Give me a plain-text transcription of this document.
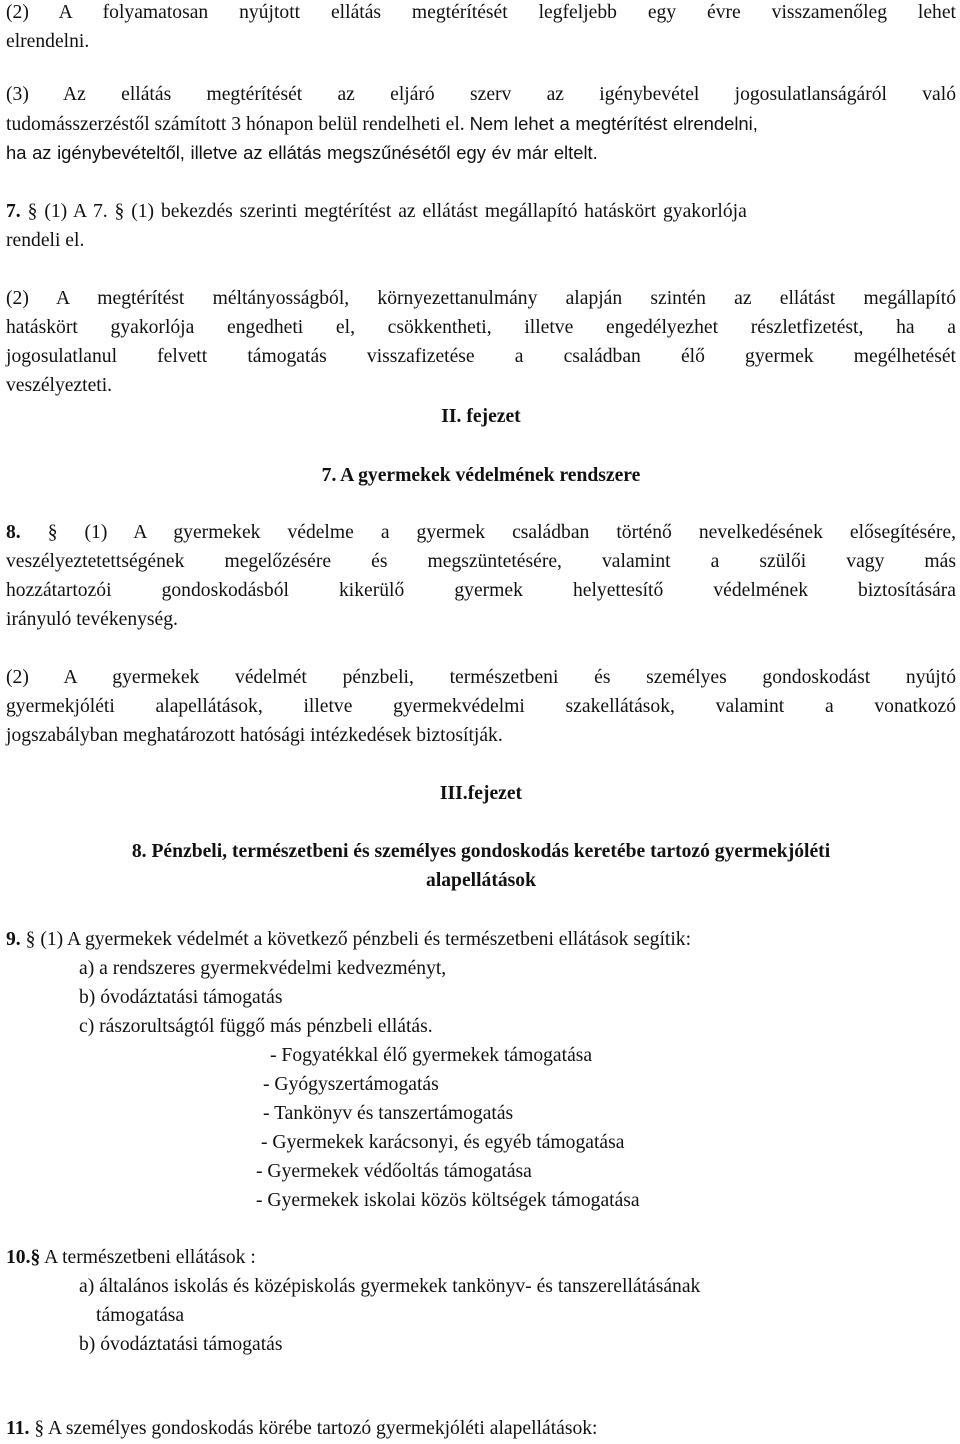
(2) A folyamatosan nyújtott ellátás megtérítését legfeljebb egy évre visszamenőleg lehet
elrendelni.
(3) Az ellátás megtérítését az eljáró szerv az igénybevétel jogosulatlanságáról való
tudomásszerzéstől számított 3 hónapon belül rendelheti el. Nem lehet a megtérítést elrendelni,
ha az igénybevételtől, illetve az ellátás megszűnésétől egy év már eltelt.
7. § (1) A 7. § (1) bekezdés szerinti megtérítést az ellátást megállapító hatáskört gyakorlója
rendeli el.
(2) A megtérítést méltányosságból, környezettanulmány alapján szintén az ellátást megállapító
hatáskört gyakorlója engedheti el, csökkentheti, illetve engedélyezhet részletfizetést, ha a
jogosulatlanul felvett támogatás visszafizetése a családban élő gyermek megélhetését
veszélyezteti.
II. fejezet
7. A gyermekek védelmének rendszere
8. § (1) A gyermekek védelme a gyermek családban történő nevelkedésének elősegítésére,
veszélyeztetettségének megelőzésére és megszüntetésére, valamint a szülői vagy más
hozzátartozói gondoskodásból kikerülő gyermek helyettesítő védelmének biztosítására
irányuló tevékenység.
(2) A gyermekek védelmét pénzbeli, természetbeni és személyes gondoskodást nyújtó
gyermekjóléti alapellátások, illetve gyermekvédelmi szakellátások, valamint a vonatkozó
jogszabályban meghatározott hatósági intézkedések biztosítják.
III.fejezet
8. Pénzbeli, természetbeni és személyes gondoskodás keretébe tartozó gyermekjóléti
alapellátások
9. § (1) A gyermekek védelmét a következő pénzbeli és természetbeni ellátások segítik:
a) a rendszeres gyermekvédelmi kedvezményt,
b) óvodáztatási támogatás
c) rászorultságtól függő más pénzbeli ellátás.
- Fogyatékkal élő gyermekek támogatása
- Gyógyszertámogatás
- Tankönyv és tanszertámogatás
- Gyermekek karácsonyi, és egyéb támogatása
- Gyermekek védőoltás támogatása
- Gyermekek iskolai közös költségek támogatása
10.§ A természetbeni ellátások :
a) általános iskolás és középiskolás gyermekek tankönyv- és tanszerellátásának
támogatása
b) óvodáztatási támogatás
11. § A személyes gondoskodás körébe tartozó gyermekjóléti alapellátások:
